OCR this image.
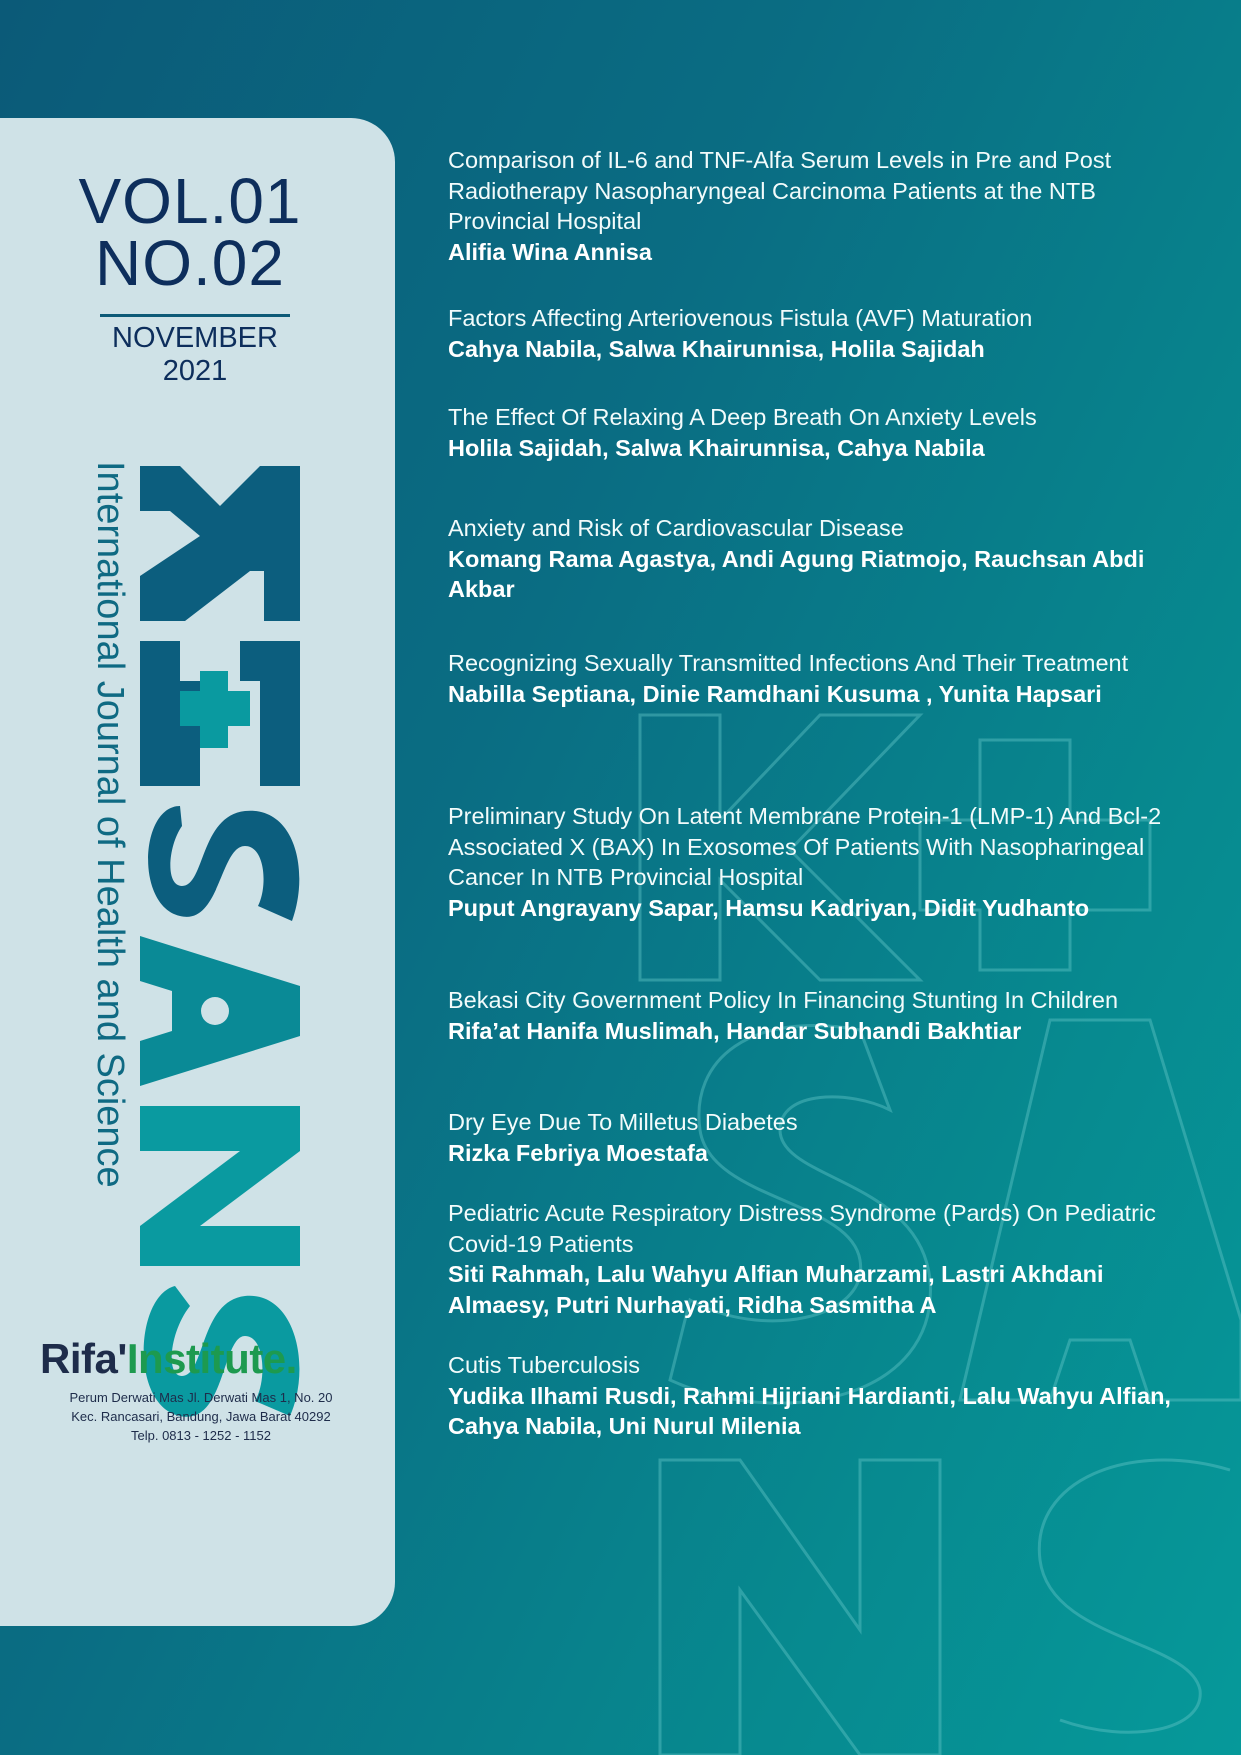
VOL.01
NO.02
NOVEMBER
2021
International Journal of Health and Science
Rifa'Institute.
Perum Derwati Mas Jl. Derwati Mas 1, No. 20
Kec. Rancasari, Bandung, Jawa Barat 40292
Telp. 0813 - 1252 - 1152
Comparison of IL-6 and TNF-Alfa Serum Levels in Pre and Post Radiotherapy Nasopharyngeal Carcinoma Patients at the NTB Provincial Hospital
Alifia Wina Annisa
Factors Affecting Arteriovenous Fistula (AVF) Maturation
Cahya Nabila, Salwa Khairunnisa, Holila Sajidah
The Effect Of Relaxing A Deep Breath On Anxiety Levels
Holila Sajidah, Salwa Khairunnisa, Cahya Nabila
Anxiety and Risk of Cardiovascular Disease
Komang Rama Agastya, Andi Agung Riatmojo, Rauchsan Abdi Akbar
Recognizing Sexually Transmitted Infections And Their Treatment
Nabilla Septiana, Dinie Ramdhani Kusuma , Yunita Hapsari
Preliminary Study On Latent Membrane Protein-1 (LMP-1) And Bcl-2 Associated X (BAX) In Exosomes Of Patients With Nasopharingeal Cancer In NTB Provincial Hospital
Puput Angrayany Sapar, Hamsu Kadriyan, Didit Yudhanto
Bekasi City Government Policy In Financing Stunting In Children
Rifa’at Hanifa Muslimah, Handar Subhandi Bakhtiar
Dry Eye Due To Milletus Diabetes
Rizka Febriya Moestafa
Pediatric Acute Respiratory Distress Syndrome (Pards) On Pediatric Covid-19 Patients
Siti Rahmah, Lalu Wahyu Alfian Muharzami, Lastri Akhdani Almaesy, Putri Nurhayati, Ridha Sasmitha A
Cutis Tuberculosis
Yudika Ilhami Rusdi, Rahmi Hijriani Hardianti, Lalu Wahyu Alfian, Cahya Nabila, Uni Nurul Milenia
